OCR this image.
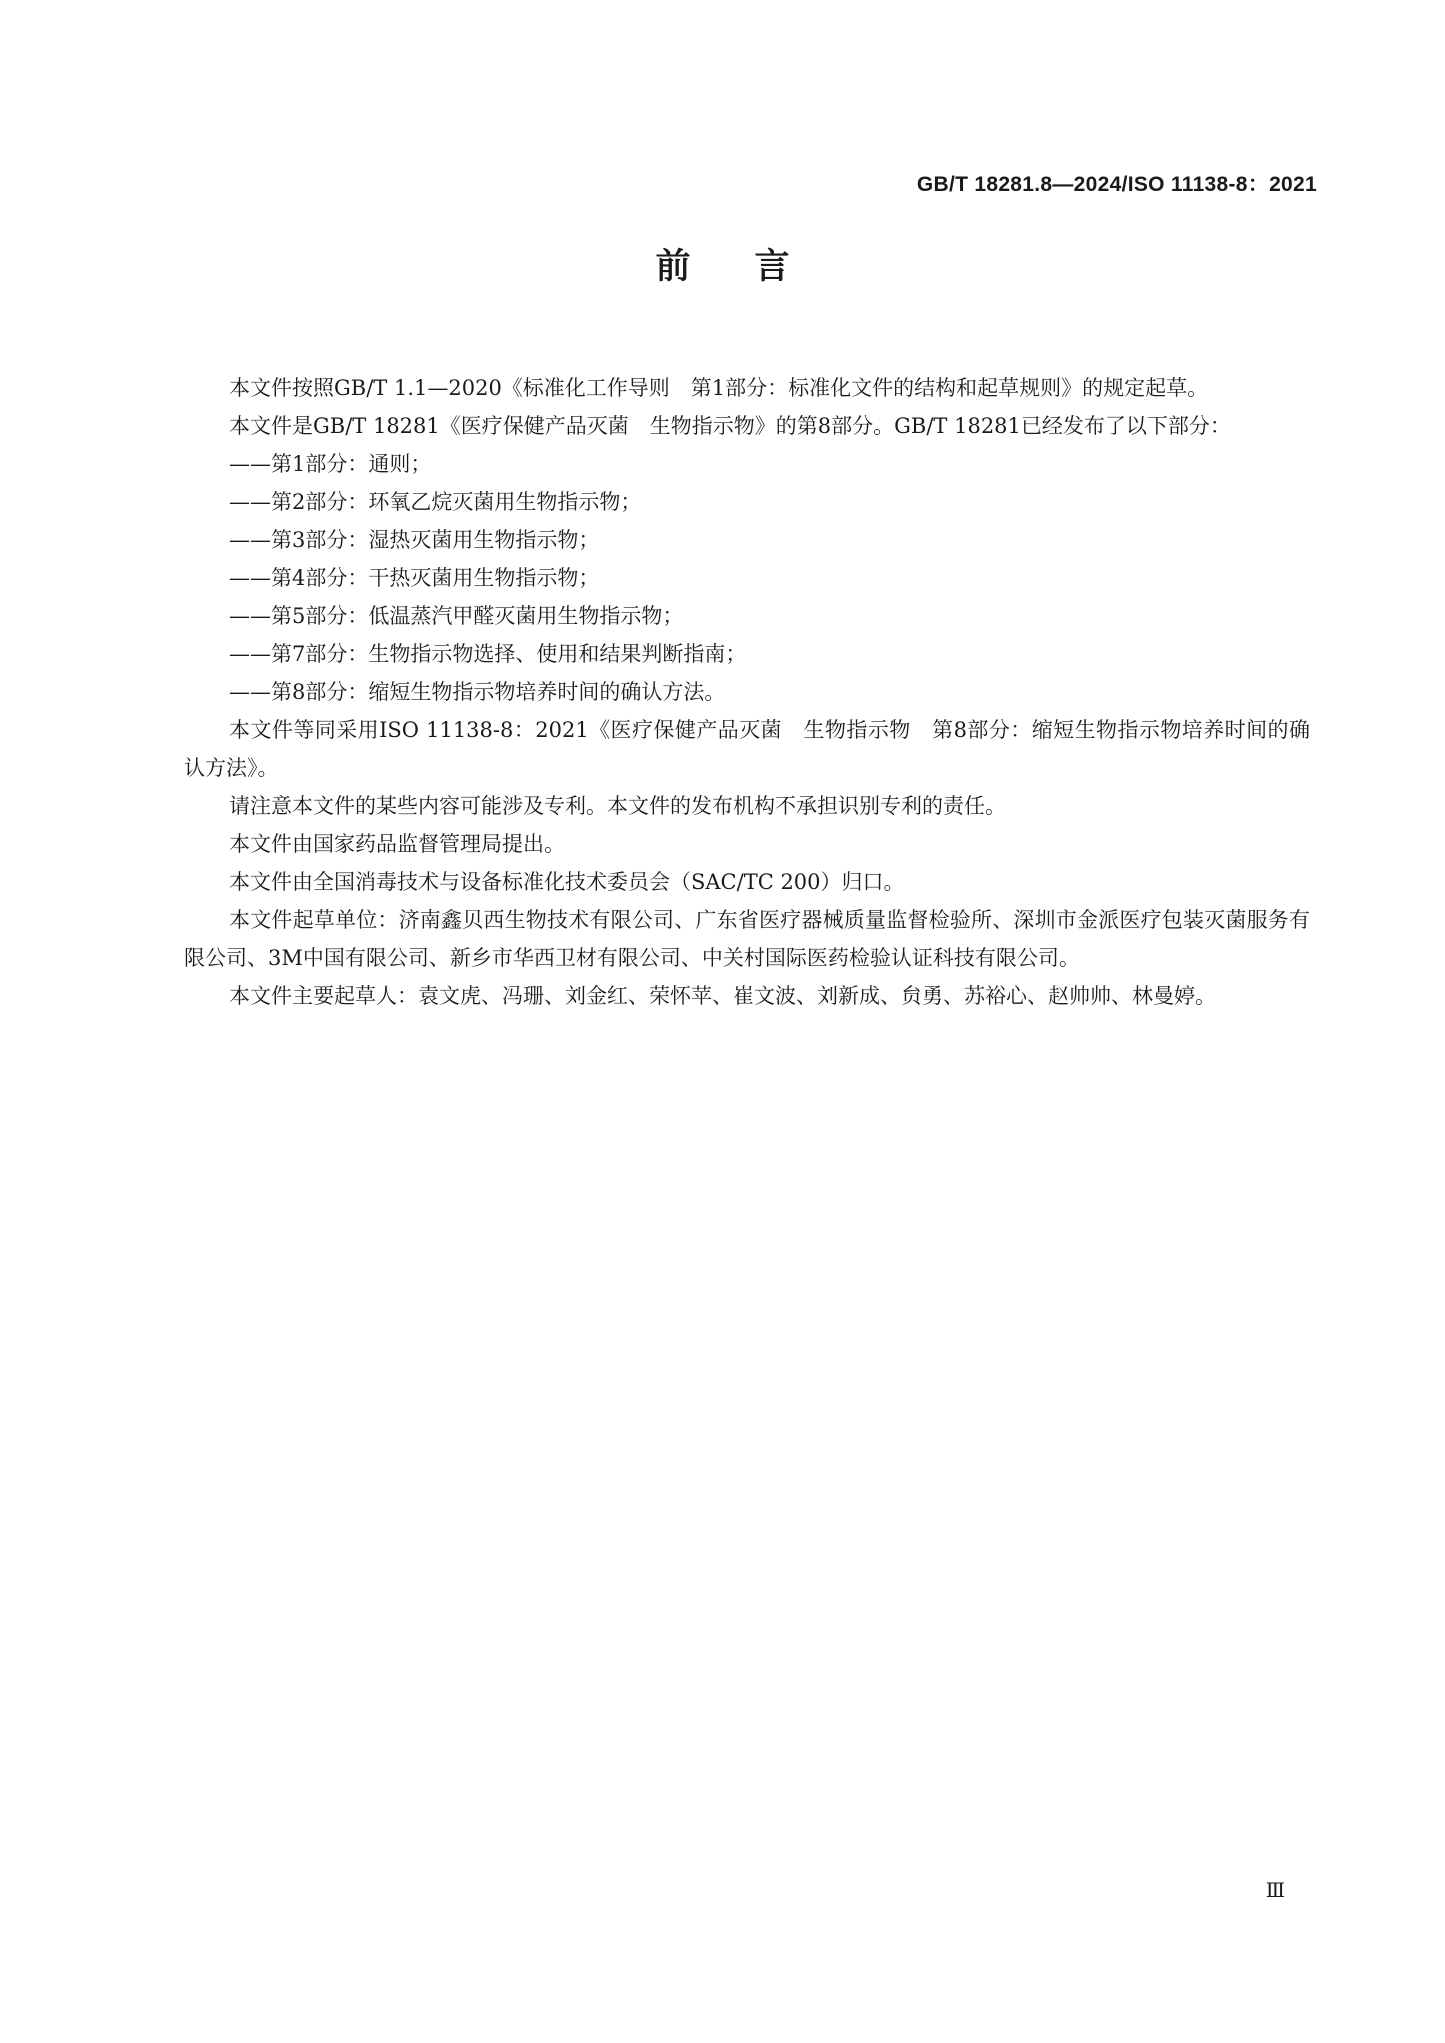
GB/T 18281.8—2024/ISO 11138-8：2021
前言

本文件按照GB/T 1.1—2020《标准化工作导则　第1部分：标准化文件的结构和起草规则》的规定起草。

本文件是GB/T 18281《医疗保健产品灭菌　生物指示物》的第8部分。GB/T 18281已经发布了以下部分：

——第1部分：通则；
——第2部分：环氧乙烷灭菌用生物指示物；
——第3部分：湿热灭菌用生物指示物；
——第4部分：干热灭菌用生物指示物；
——第5部分：低温蒸汽甲醛灭菌用生物指示物；
——第7部分：生物指示物选择、使用和结果判断指南；
——第8部分：缩短生物指示物培养时间的确认方法。

本文件等同采用ISO 11138-8：2021《医疗保健产品灭菌　生物指示物　第8部分：缩短生物指示物培养时间的确认方法》。

请注意本文件的某些内容可能涉及专利。本文件的发布机构不承担识别专利的责任。

本文件由国家药品监督管理局提出。

本文件由全国消毒技术与设备标准化技术委员会（SAC/TC 200）归口。

本文件起草单位：济南鑫贝西生物技术有限公司、广东省医疗器械质量监督检验所、深圳市金派医疗包装灭菌服务有限公司、3M中国有限公司、新乡市华西卫材有限公司、中关村国际医药检验认证科技有限公司。

本文件主要起草人：袁文虎、冯珊、刘金红、荣怀苹、崔文波、刘新成、贠勇、苏裕心、赵帅帅、林曼婷。

Ⅲ
